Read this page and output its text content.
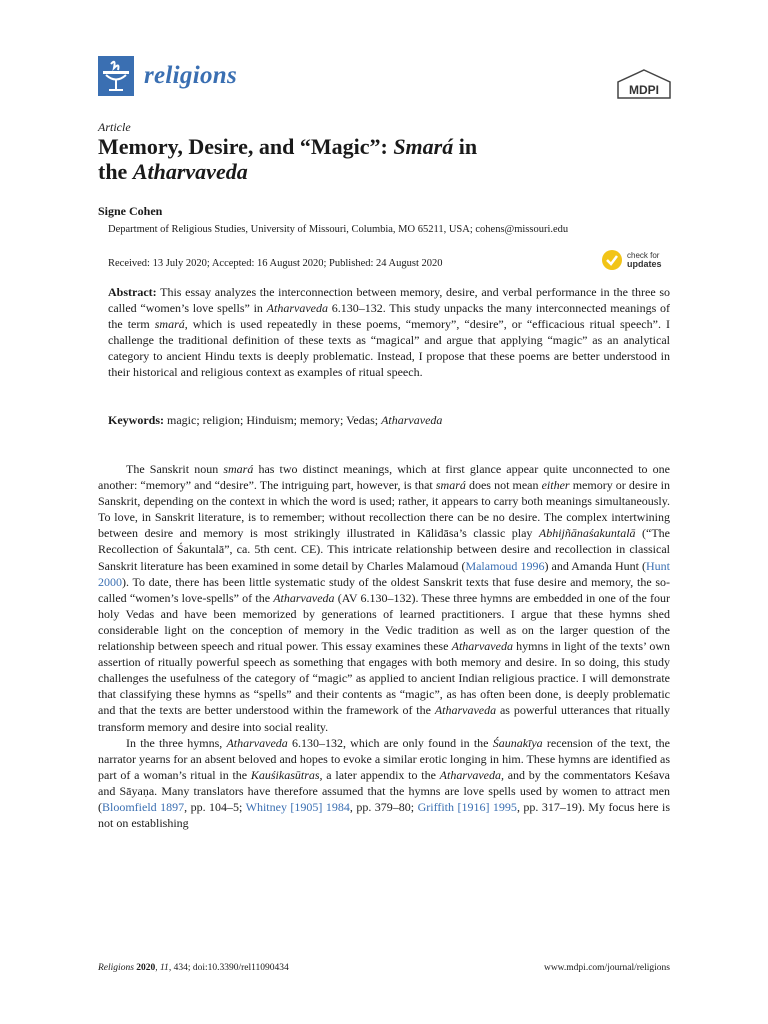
religions
MDPI
Article
Memory, Desire, and “Magic”: Smará in
the Atharvaveda
Signe Cohen
Department of Religious Studies, University of Missouri, Columbia, MO 65211, USA; cohens@missouri.edu
Received: 13 July 2020; Accepted: 16 August 2020; Published: 24 August 2020
check for
updates
Abstract: This essay analyzes the interconnection between memory, desire, and verbal performance in the three so called “women’s love spells” in Atharvaveda 6.130–132. This study unpacks the many interconnected meanings of the term smará, which is used repeatedly in these poems, “memory”, “desire”, or “efficacious ritual speech”. I challenge the traditional definition of these texts as “magical” and argue that applying “magic” as an analytical category to ancient Hindu texts is deeply problematic. Instead, I propose that these poems are better understood in their historical and religious context as examples of ritual speech.
Keywords: magic; religion; Hinduism; memory; Vedas; Atharvaveda

The Sanskrit noun smará has two distinct meanings, which at first glance appear quite unconnected to one another: “memory” and “desire”. The intriguing part, however, is that smará does not mean either memory or desire in Sanskrit, depending on the context in which the word is used; rather, it appears to carry both meanings simultaneously. To love, in Sanskrit literature, is to remember; without recollection there can be no desire. The complex intertwining between desire and memory is most strikingly illustrated in Kālidāsa’s classic play Abhijñānaśakuntalā (“The Recollection of Śakuntalā”, ca. 5th cent. CE). This intricate relationship between desire and recollection in classical Sanskrit literature has been examined in some detail by Charles Malamoud (Malamoud 1996) and Amanda Hunt (Hunt 2000). To date, there has been little systematic study of the oldest Sanskrit texts that fuse desire and memory, the so-called “women’s love-spells” of the Atharvaveda (AV 6.130–132). These three hymns are embedded in one of the four holy Vedas and have been memorized by generations of learned practitioners. I argue that these hymns shed considerable light on the conception of memory in the Vedic tradition as well as on the larger question of the relationship between speech and ritual power. This essay examines these Atharvaveda hymns in light of the texts’ own assertion of ritually powerful speech as something that engages with both memory and desire. In so doing, this study challenges the usefulness of the category of “magic” as applied to ancient Indian religious practice. I will demonstrate that classifying these hymns as “spells” and their contents as “magic”, as has often been done, is deeply problematic and that the texts are better understood within the framework of the Atharvaveda as powerful utterances that ritually transform memory and desire into social reality.

In the three hymns, Atharvaveda 6.130–132, which are only found in the Śaunakīya recension of the text, the narrator yearns for an absent beloved and hopes to evoke a similar erotic longing in him. These hymns are identified as part of a woman’s ritual in the Kauśikasūtras, a later appendix to the Atharvaveda, and by the commentators Keśava and Sāyaṇa. Many translators have therefore assumed that the hymns are love spells used by women to attract men (Bloomfield 1897, pp. 104–5; Whitney [1905] 1984, pp. 379–80; Griffith [1916] 1995, pp. 317–19). My focus here is not on establishing

Religions 2020, 11, 434; doi:10.3390/rel11090434	www.mdpi.com/journal/religions
